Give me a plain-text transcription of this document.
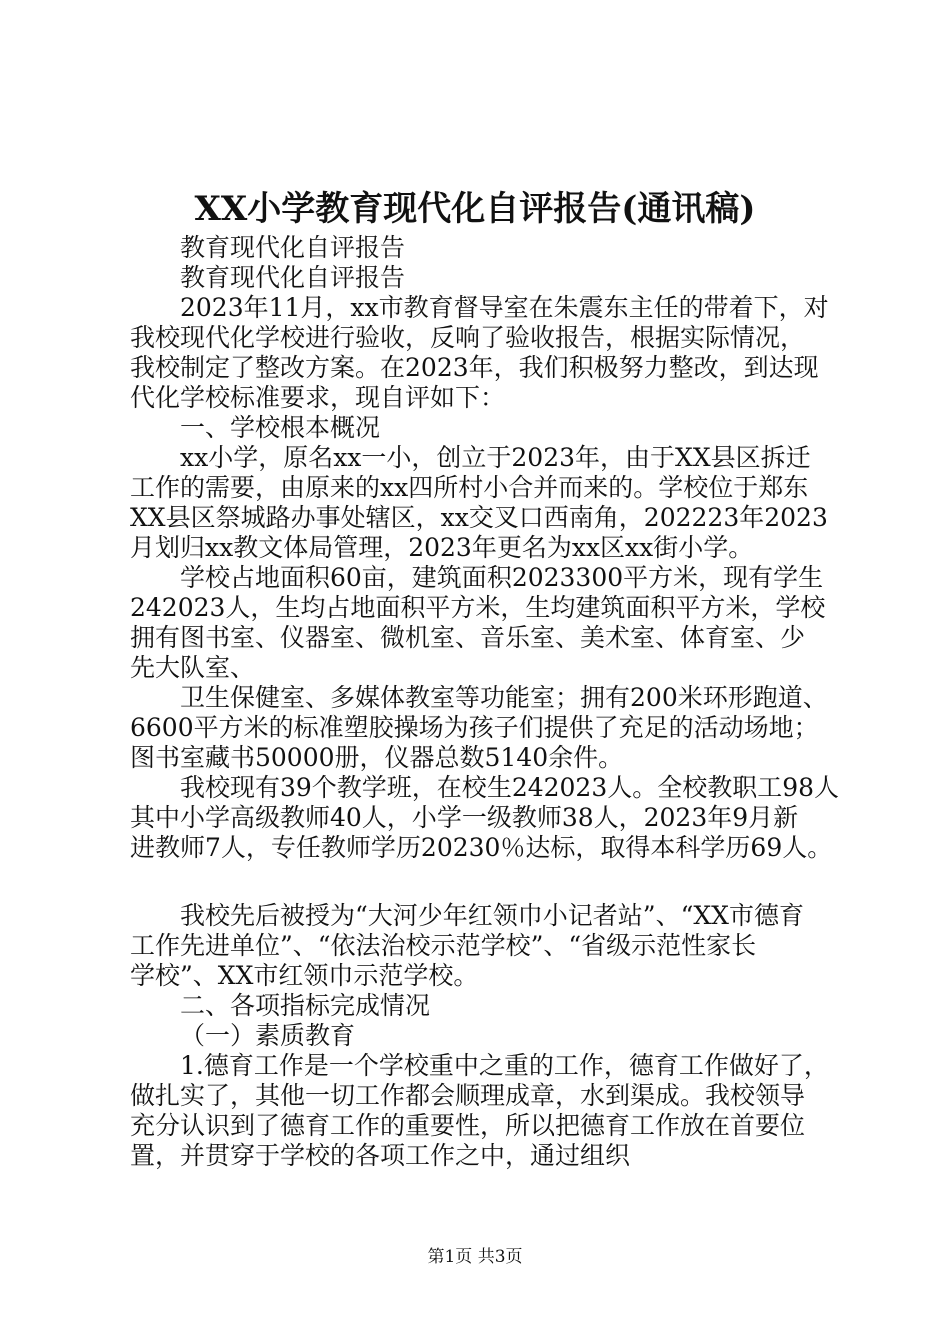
XX小学教育现代化自评报告(通讯稿)
教育现代化自评报告
教育现代化自评报告
2023年11月，xx市教育督导室在朱震东主任的带着下，对
我校现代化学校进行验收，反响了验收报告，根据实际情况，
我校制定了整改方案。在2023年，我们积极努力整改，到达现
代化学校标准要求，现自评如下：
一、学校根本概况
xx小学，原名xx一小，创立于2023年，由于XX县区拆迁
工作的需要，由原来的xx四所村小合并而来的。学校位于郑东
XX县区祭城路办事处辖区，xx交叉口西南角，202223年2023
月划归xx教文体局管理，2023年更名为xx区xx街小学。
学校占地面积60亩，建筑面积2023300平方米，现有学生
242023人，生均占地面积平方米，生均建筑面积平方米，学校
拥有图书室、仪器室、微机室、音乐室、美术室、体育室、少
先大队室、
卫生保健室、多媒体教室等功能室；拥有200米环形跑道、
6600平方米的标准塑胶操场为孩子们提供了充足的活动场地；
图书室藏书50000册，仪器总数5140余件。
我校现有39个教学班，在校生242023人。全校教职工98人
其中小学高级教师40人，小学一级教师38人，2023年9月新
进教师7人，专任教师学历20230％达标，取得本科学历69人。
我校先后被授为“大河少年红领巾小记者站”、“XX市德育
工作先进单位”、“依法治校示范学校”、“省级示范性家长
学校”、XX市红领巾示范学校。
二、各项指标完成情况
（一）素质教育
1.德育工作是一个学校重中之重的工作，德育工作做好了，
做扎实了，其他一切工作都会顺理成章，水到渠成。我校领导
充分认识到了德育工作的重要性，所以把德育工作放在首要位
置，并贯穿于学校的各项工作之中，通过组织
第1页 共3页
